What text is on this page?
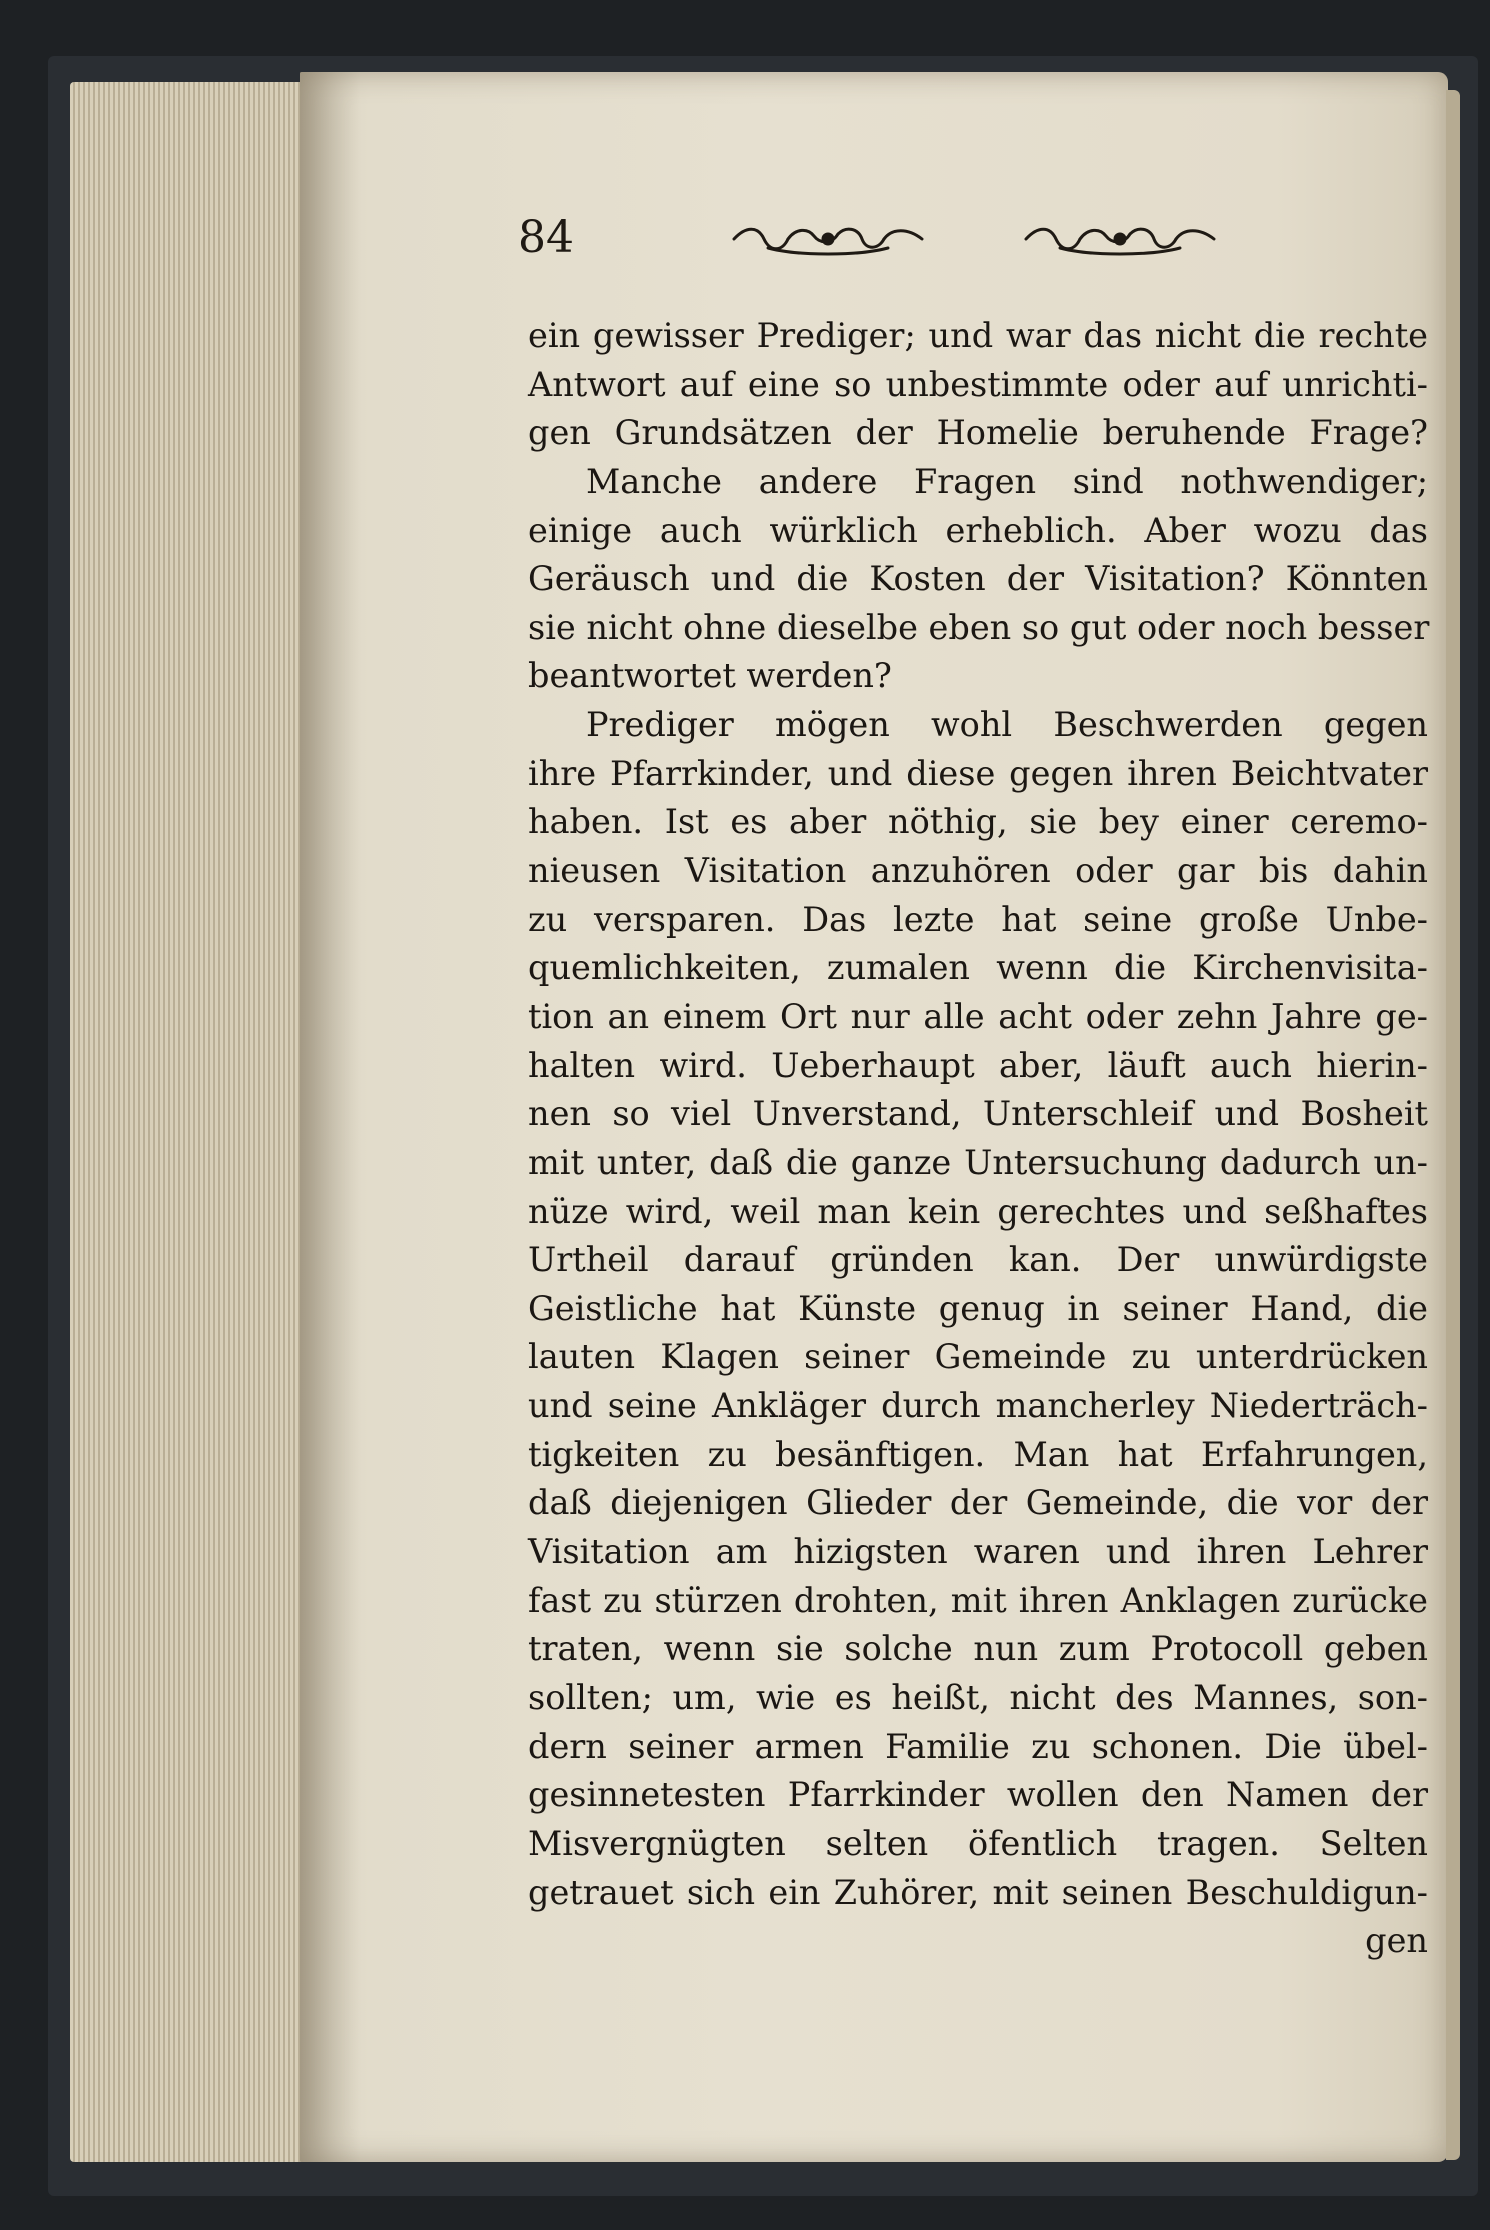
84
ein gewisser Prediger; und war das nicht die rechte
Antwort auf eine so unbestimmte oder auf unrichti-
gen Grundsätzen der Homelie beruhende Frage?
Manche andere Fragen sind nothwendiger;
einige auch würklich erheblich. Aber wozu das
Geräusch und die Kosten der Visitation? Könnten
sie nicht ohne dieselbe eben so gut oder noch besser
beantwortet werden?
Prediger mögen wohl Beschwerden gegen
ihre Pfarrkinder, und diese gegen ihren Beichtvater
haben. Ist es aber nöthig, sie bey einer ceremo-
nieusen Visitation anzuhören oder gar bis dahin
zu versparen. Das lezte hat seine große Unbe-
quemlichkeiten, zumalen wenn die Kirchenvisita-
tion an einem Ort nur alle acht oder zehn Jahre ge-
halten wird. Ueberhaupt aber, läuft auch hierin-
nen so viel Unverstand, Unterschleif und Bosheit
mit unter, daß die ganze Untersuchung dadurch un-
nüze wird, weil man kein gerechtes und seßhaftes
Urtheil darauf gründen kan. Der unwürdigste
Geistliche hat Künste genug in seiner Hand, die
lauten Klagen seiner Gemeinde zu unterdrücken
und seine Ankläger durch mancherley Niederträch-
tigkeiten zu besänftigen. Man hat Erfahrungen,
daß diejenigen Glieder der Gemeinde, die vor der
Visitation am hizigsten waren und ihren Lehrer
fast zu stürzen drohten, mit ihren Anklagen zurücke
traten, wenn sie solche nun zum Protocoll geben
sollten; um, wie es heißt, nicht des Mannes, son-
dern seiner armen Familie zu schonen. Die übel-
gesinnetesten Pfarrkinder wollen den Namen der
Misvergnügten selten öfentlich tragen. Selten
getrauet sich ein Zuhörer, mit seinen Beschuldigun-
gen
